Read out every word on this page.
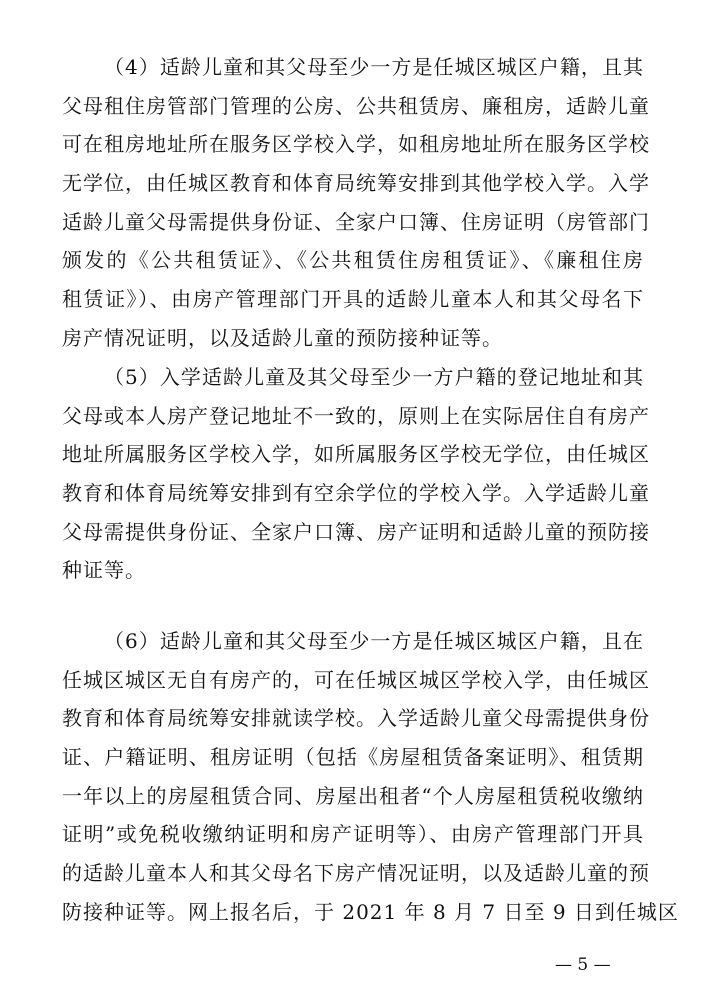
（4）适龄儿童和其父母至少一方是任城区城区户籍，且其
父母租住房管部门管理的公房、公共租赁房、廉租房，适龄儿童
可在租房地址所在服务区学校入学，如租房地址所在服务区学校
无学位，由任城区教育和体育局统筹安排到其他学校入学。入学
适龄儿童父母需提供身份证、全家户口簿、住房证明（房管部门
颁发的《公共租赁证》、《公共租赁住房租赁证》、《廉租住房
租赁证》）、由房产管理部门开具的适龄儿童本人和其父母名下
房产情况证明，以及适龄儿童的预防接种证等。
（5）入学适龄儿童及其父母至少一方户籍的登记地址和其
父母或本人房产登记地址不一致的，原则上在实际居住自有房产
地址所属服务区学校入学，如所属服务区学校无学位，由任城区
教育和体育局统筹安排到有空余学位的学校入学。入学适龄儿童
父母需提供身份证、全家户口簿、房产证明和适龄儿童的预防接
种证等。
（6）适龄儿童和其父母至少一方是任城区城区户籍，且在
任城区城区无自有房产的，可在任城区城区学校入学，由任城区
教育和体育局统筹安排就读学校。入学适龄儿童父母需提供身份
证、户籍证明、租房证明（包括《房屋租赁备案证明》、租赁期
一年以上的房屋租赁合同、房屋出租者“个人房屋租赁税收缴纳
证明”或免税收缴纳证明和房产证明等）、由房产管理部门开具
的适龄儿童本人和其父母名下房产情况证明，以及适龄儿童的预
防接种证等。网上报名后，于 2021 年 8 月 7 日至 9 日到任城区
— 5 —
